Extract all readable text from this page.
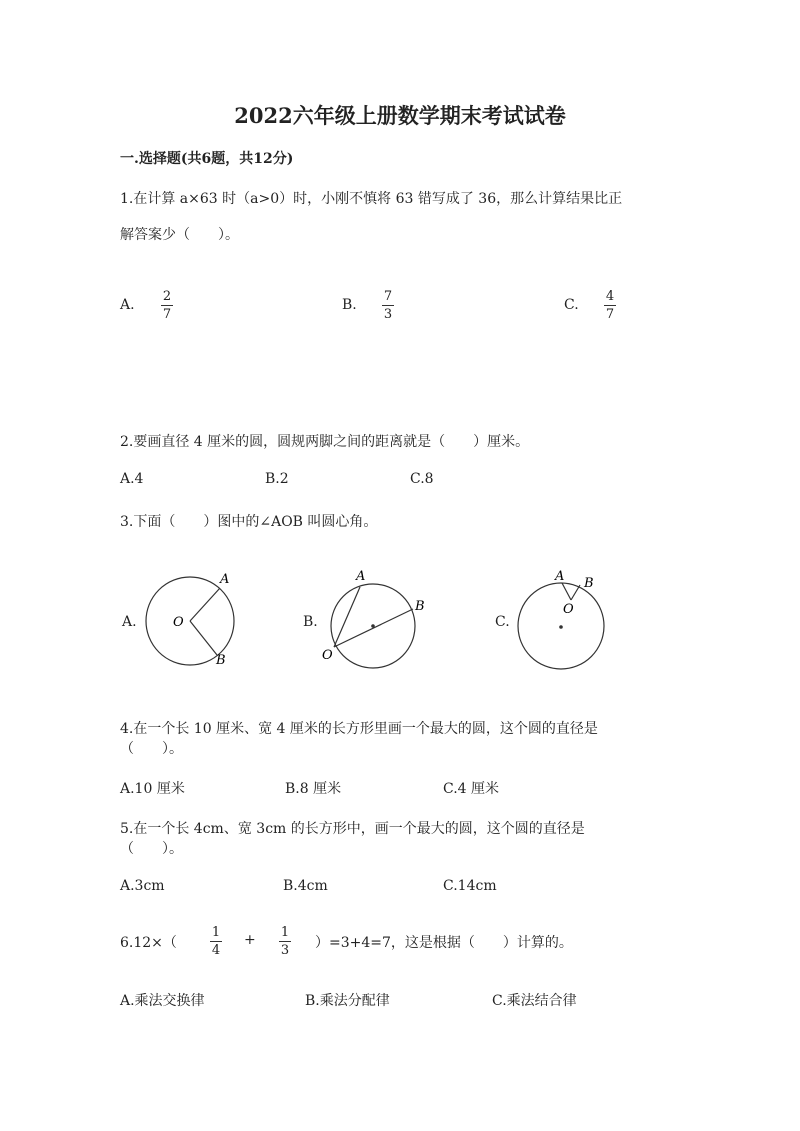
2022六年级上册数学期末考试试卷
一.选择题(共6题，共12分)
1.在计算 a×63 时（a>0）时，小刚不慎将 63 错写成了 36，那么计算结果比正
解答案少（　　）。
A.
2
7
B.
7
3
C.
4
7
2.要画直径 4 厘米的圆，圆规两脚之间的距离就是（　　）厘米。
A.4	B.2	C.8
3.下面（　　）图中的∠AOB 叫圆心角。
A.	O
A
B
B.
O
A
B
C.
O
A B
4.在一个长 10 厘米、宽 4 厘米的长方形里画一个最大的圆，这个圆的直径是
（　　）。
A.10 厘米	B.8 厘米	C.4 厘米
5.在一个长 4cm、宽 3cm 的长方形中，画一个最大的圆，这个圆的直径是
（　　）。
A.3cm	B.4cm	C.14cm
6.12×（
1
4
+ 1
3 ）=3+4=7，这是根据（　　）计算的。
A.乘法交换律	B.乘法分配律	C.乘法结合律
